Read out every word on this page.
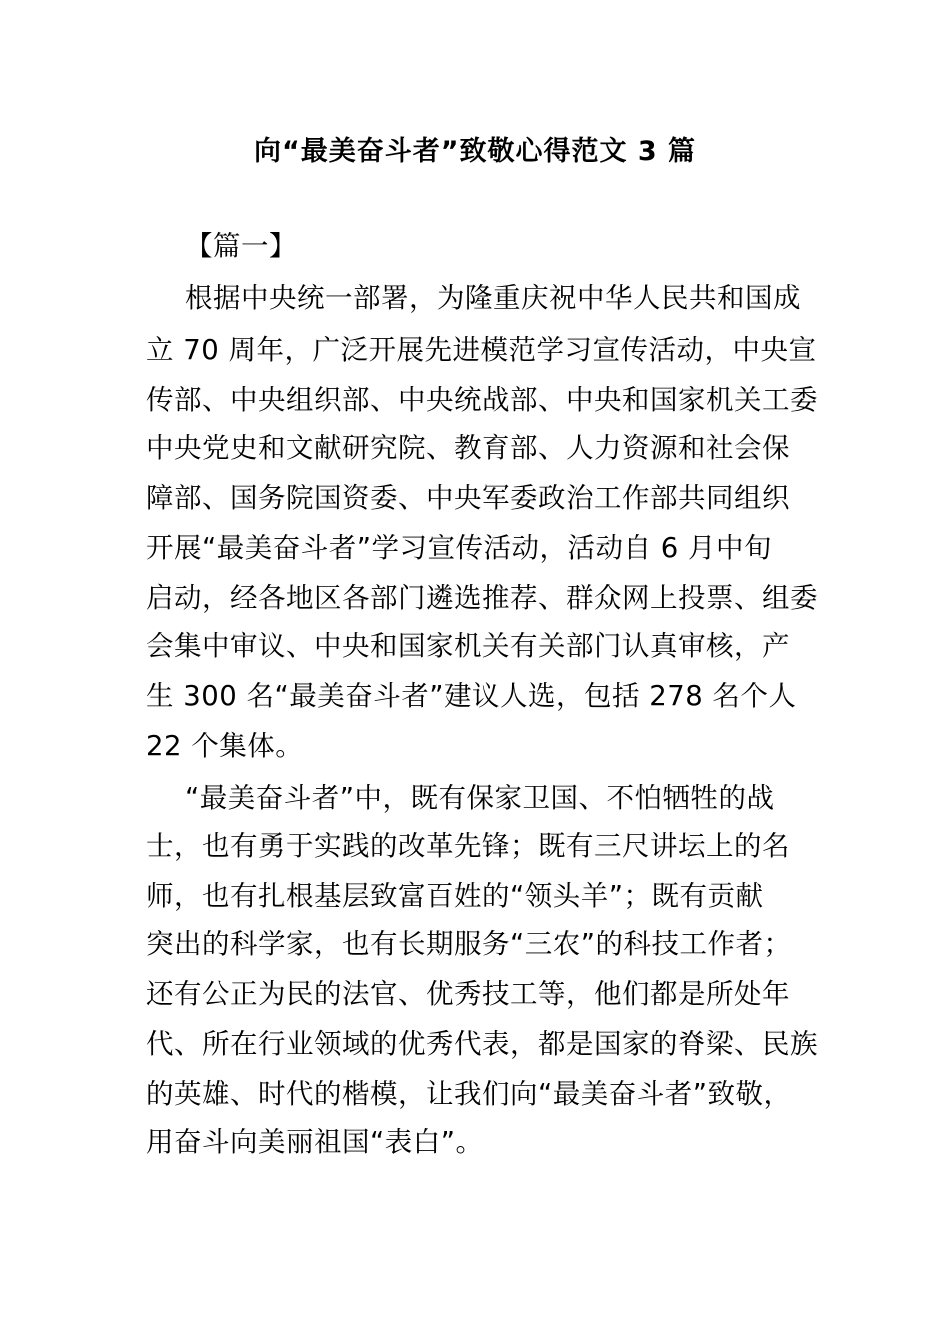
向“最美奋斗者”致敬心得范文 3 篇
【篇一】
根据中央统一部署，为隆重庆祝中华人民共和国成
立 70 周年，广泛开展先进模范学习宣传活动，中央宣
传部、中央组织部、中央统战部、中央和国家机关工委
中央党史和文献研究院、教育部、人力资源和社会保
障部、国务院国资委、中央军委政治工作部共同组织
开展“最美奋斗者”学习宣传活动，活动自 6 月中旬
启动，经各地区各部门遴选推荐、群众网上投票、组委
会集中审议、中央和国家机关有关部门认真审核，产
生 300 名“最美奋斗者”建议人选，包括 278 名个人
22 个集体。
“最美奋斗者”中，既有保家卫国、不怕牺牲的战
士，也有勇于实践的改革先锋；既有三尺讲坛上的名
师，也有扎根基层致富百姓的“领头羊”；既有贡献
突出的科学家，也有长期服务“三农”的科技工作者；
还有公正为民的法官、优秀技工等，他们都是所处年
代、所在行业领域的优秀代表，都是国家的脊梁、民族
的英雄、时代的楷模，让我们向“最美奋斗者”致敬，
用奋斗向美丽祖国“表白”。
